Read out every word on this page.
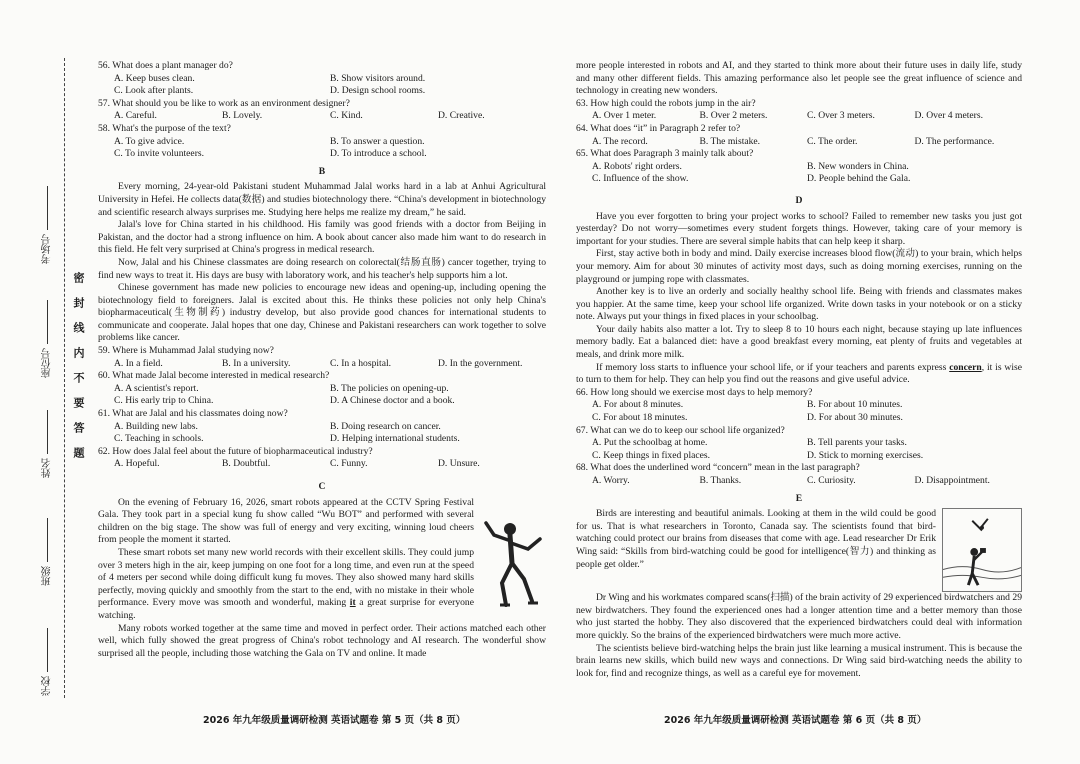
考场号
座位号
姓名
班级
学校
密封线内不要答题
56. What does a plant manager do?
A. Keep buses clean.	B. Show visitors around.
C. Look after plants.	D. Design school rooms.
57. What should you be like to work as an environment designer?
A. Careful.	B. Lovely.	C. Kind.	D. Creative.
58. What's the purpose of the text?
A. To give advice.	B. To answer a question.
C. To invite volunteers.	D. To introduce a school.
B

Every morning, 24-year-old Pakistani student Muhammad Jalal works hard in a lab at Anhui Agricultural University in Hefei. He collects data(数据) and studies biotechnology there. “China's development in biotechnology and scientific research always surprises me. Studying here helps me realize my dream,” he said.

Jalal's love for China started in his childhood. His family was good friends with a doctor from Beijing in Pakistan, and the doctor had a strong influence on him. A book about cancer also made him want to do research in this field. He felt very surprised at China's progress in medical research.

Now, Jalal and his Chinese classmates are doing research on colorectal(结肠直肠) cancer together, trying to find new ways to treat it. His days are busy with laboratory work, and his teacher's help supports him a lot.

Chinese government has made new policies to encourage new ideas and opening-up, including opening the biotechnology field to foreigners. Jalal is excited about this. He thinks these policies not only help China's biopharmaceutical(生物制药) industry develop, but also provide good chances for international students to communicate and cooperate. Jalal hopes that one day, Chinese and Pakistani researchers can work together to solve problems like cancer.

59. Where is Muhammad Jalal studying now?
A. In a field.	B. In a university.	C. In a hospital.	D. In the government.
60. What made Jalal become interested in medical research?
A. A scientist's report.	B. The policies on opening-up.
C. His early trip to China.	D. A Chinese doctor and a book.
61. What are Jalal and his classmates doing now?
A. Building new labs.	B. Doing research on cancer.
C. Teaching in schools.	D. Helping international students.
62. How does Jalal feel about the future of biopharmaceutical industry?
A. Hopeful.	B. Doubtful.	C. Funny.	D. Unsure.
C

On the evening of February 16, 2026, smart robots appeared at the CCTV Spring Festival Gala. They took part in a special kung fu show called “Wu BOT” and performed with several children on the big stage. The show was full of energy and very exciting, winning loud cheers from people the moment it started.

These smart robots set many new world records with their excellent skills. They could jump over 3 meters high in the air, keep jumping on one foot for a long time, and even run at the speed of 4 meters per second while doing difficult kung fu moves. They also showed many hard skills perfectly, moving quickly and smoothly from the start to the end, with no mistake in their whole performance. Every move was smooth and wonderful, making it a great surprise for everyone watching.

Many robots worked together at the same time and moved in perfect order. Their actions matched each other well, which fully showed the great progress of China's robot technology and AI research. The wonderful show surprised all the people, including those watching the Gala on TV and online. It made

more people interested in robots and AI, and they started to think more about their future uses in daily life, study and many other different fields. This amazing performance also let people see the great influence of science and technology in creating new wonders.

63. How high could the robots jump in the air?
A. Over 1 meter.	B. Over 2 meters.	C. Over 3 meters.	D. Over 4 meters.
64. What does “it” in Paragraph 2 refer to?
A. The record.	B. The mistake.	C. The order.	D. The performance.
65. What does Paragraph 3 mainly talk about?
A. Robots' right orders.	B. New wonders in China.
C. Influence of the show.	D. People behind the Gala.
D

Have you ever forgotten to bring your project works to school? Failed to remember new tasks you just got yesterday? Do not worry—sometimes every student forgets things. However, taking care of your memory is important for your studies. There are several simple habits that can help keep it sharp.

First, stay active both in body and mind. Daily exercise increases blood flow(流动) to your brain, which helps your memory. Aim for about 30 minutes of activity most days, such as doing morning exercises, running on the playground or jumping rope with classmates.

Another key is to live an orderly and socially healthy school life. Being with friends and classmates makes you happier. At the same time, keep your school life organized. Write down tasks in your notebook or on a sticky note. Always put your things in fixed places in your schoolbag.

Your daily habits also matter a lot. Try to sleep 8 to 10 hours each night, because staying up late influences memory badly. Eat a balanced diet: have a good breakfast every morning, eat plenty of fruits and vegetables at meals, and drink more milk.

If memory loss starts to influence your school life, or if your teachers and parents express concern, it is wise to turn to them for help. They can help you find out the reasons and give useful advice.

66. How long should we exercise most days to help memory?
A. For about 8 minutes.	B. For about 10 minutes.
C. For about 18 minutes.	D. For about 30 minutes.
67. What can we do to keep our school life organized?
A. Put the schoolbag at home.	B. Tell parents your tasks.
C. Keep things in fixed places.	D. Stick to morning exercises.
68. What does the underlined word “concern” mean in the last paragraph?
A. Worry.	B. Thanks.	C. Curiosity.	D. Disappointment.
E

Birds are interesting and beautiful animals. Looking at them in the wild could be good for us. That is what researchers in Toronto, Canada say. The scientists found that bird-watching could protect our brains from diseases that come with age. Lead researcher Dr Erik Wing said: “Skills from bird-watching could be good for intelligence(智力) and thinking as people get older.”

Dr Wing and his workmates compared scans(扫描) of the brain activity of 29 experienced birdwatchers and 29 new birdwatchers. They found the experienced ones had a longer attention time and a better memory than those who just started the hobby. They also discovered that the experienced birdwatchers could deal with information more quickly. So the brains of the experienced birdwatchers were much more active.

The scientists believe bird-watching helps the brain just like learning a musical instrument. This is because the brain learns new skills, which build new ways and connections. Dr Wing said bird-watching needs the ability to look for, find and recognize things, as well as a careful eye for movement.

2026 年九年级质量调研检测 英语试题卷 第 5 页（共 8 页）	2026 年九年级质量调研检测 英语试题卷 第 6 页（共 8 页）
